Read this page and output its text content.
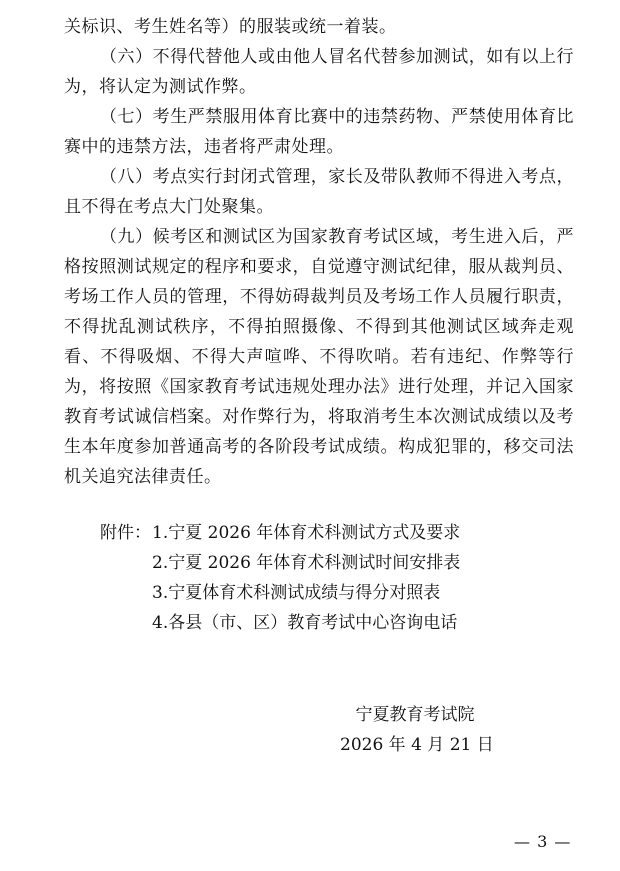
关标识、考生姓名等）的服装或统一着装。

（六）不得代替他人或由他人冒名代替参加测试，如有以上行为，将认定为测试作弊。

（七）考生严禁服用体育比赛中的违禁药物、严禁使用体育比赛中的违禁方法，违者将严肃处理。

（八）考点实行封闭式管理，家长及带队教师不得进入考点，且不得在考点大门处聚集。

（九）候考区和测试区为国家教育考试区域，考生进入后，严格按照测试规定的程序和要求，自觉遵守测试纪律，服从裁判员、考场工作人员的管理，不得妨碍裁判员及考场工作人员履行职责，不得扰乱测试秩序，不得拍照摄像、不得到其他测试区域奔走观看、不得吸烟、不得大声喧哗、不得吹哨。若有违纪、作弊等行为，将按照《国家教育考试违规处理办法》进行处理，并记入国家教育考试诚信档案。对作弊行为，将取消考生本次测试成绩以及考生本年度参加普通高考的各阶段考试成绩。构成犯罪的，移交司法机关追究法律责任。

附件： 1.宁夏 2026 年体育术科测试方式及要求
2.宁夏 2026 年体育术科测试时间安排表
3.宁夏体育术科测试成绩与得分对照表
4.各县（市、区）教育考试中心咨询电话
宁夏教育考试院
2026 年 4 月 21 日
— 3 —
